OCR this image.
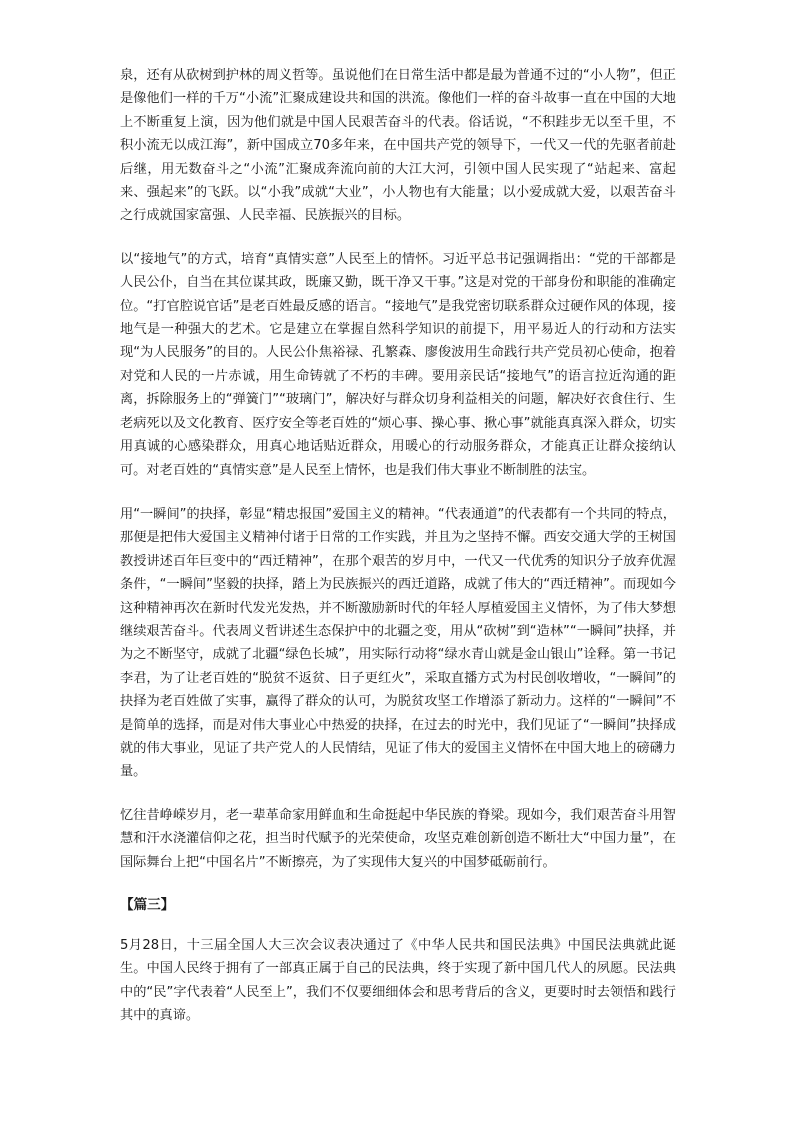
泉，还有从砍树到护林的周义哲等。虽说他们在日常生活中都是最为普通不过的“小人物”，但正是像他们一样的千万“小流”汇聚成建设共和国的洪流。像他们一样的奋斗故事一直在中国的大地上不断重复上演，因为他们就是中国人民艰苦奋斗的代表。俗话说，“不积跬步无以至千里，不积小流无以成江海”，新中国成立70多年来，在中国共产党的领导下，一代又一代的先驱者前赴后继，用无数奋斗之“小流”汇聚成奔流向前的大江大河，引领中国人民实现了“站起来、富起来、强起来”的飞跃。以“小我”成就“大业”，小人物也有大能量；以小爱成就大爱，以艰苦奋斗之行成就国家富强、人民幸福、民族振兴的目标。

以“接地气”的方式，培育“真情实意”人民至上的情怀。习近平总书记强调指出：“党的干部都是人民公仆，自当在其位谋其政，既廉又勤，既干净又干事。”这是对党的干部身份和职能的准确定位。“打官腔说官话”是老百姓最反感的语言。“接地气”是我党密切联系群众过硬作风的体现，接地气是一种强大的艺术。它是建立在掌握自然科学知识的前提下，用平易近人的行动和方法实现“为人民服务”的目的。人民公仆焦裕禄、孔繁森、廖俊波用生命践行共产党员初心使命，抱着对党和人民的一片赤诚，用生命铸就了不朽的丰碑。要用亲民话“接地气”的语言拉近沟通的距离，拆除服务上的“弹簧门”“玻璃门”，解决好与群众切身利益相关的问题，解决好衣食住行、生老病死以及文化教育、医疗安全等老百姓的“烦心事、操心事、揪心事”就能真真深入群众，切实用真诚的心感染群众，用真心地话贴近群众，用暖心的行动服务群众，才能真正让群众接纳认可。对老百姓的“真情实意”是人民至上情怀，也是我们伟大事业不断制胜的法宝。

用“一瞬间”的抉择，彰显“精忠报国”爱国主义的精神。“代表通道”的代表都有一个共同的特点，那便是把伟大爱国主义精神付诸于日常的工作实践，并且为之坚持不懈。西安交通大学的王树国教授讲述百年巨变中的“西迁精神”，在那个艰苦的岁月中，一代又一代优秀的知识分子放弃优渥条件，“一瞬间”坚毅的抉择，踏上为民族振兴的西迁道路，成就了伟大的“西迁精神”。而现如今这种精神再次在新时代发光发热，并不断激励新时代的年轻人厚植爱国主义情怀，为了伟大梦想继续艰苦奋斗。代表周义哲讲述生态保护中的北疆之变，用从“砍树”到“造林”“一瞬间”抉择，并为之不断坚守，成就了北疆“绿色长城”，用实际行动将“绿水青山就是金山银山”诠释。第一书记李君，为了让老百姓的“脱贫不返贫、日子更红火”，采取直播方式为村民创收增收，“一瞬间”的抉择为老百姓做了实事，赢得了群众的认可，为脱贫攻坚工作增添了新动力。这样的“一瞬间”不是简单的选择，而是对伟大事业心中热爱的抉择，在过去的时光中，我们见证了“一瞬间”抉择成就的伟大事业，见证了共产党人的人民情结，见证了伟大的爱国主义情怀在中国大地上的磅礴力量。

忆往昔峥嵘岁月，老一辈革命家用鲜血和生命挺起中华民族的脊梁。现如今，我们艰苦奋斗用智慧和汗水浇灌信仰之花，担当时代赋予的光荣使命，攻坚克难创新创造不断壮大“中国力量”，在国际舞台上把“中国名片”不断擦亮，为了实现伟大复兴的中国梦砥砺前行。

【篇三】

5月28日，十三届全国人大三次会议表决通过了《中华人民共和国民法典》中国民法典就此诞生。中国人民终于拥有了一部真正属于自己的民法典，终于实现了新中国几代人的夙愿。民法典中的“民”字代表着“人民至上”，我们不仅要细细体会和思考背后的含义，更要时时去领悟和践行其中的真谛。
